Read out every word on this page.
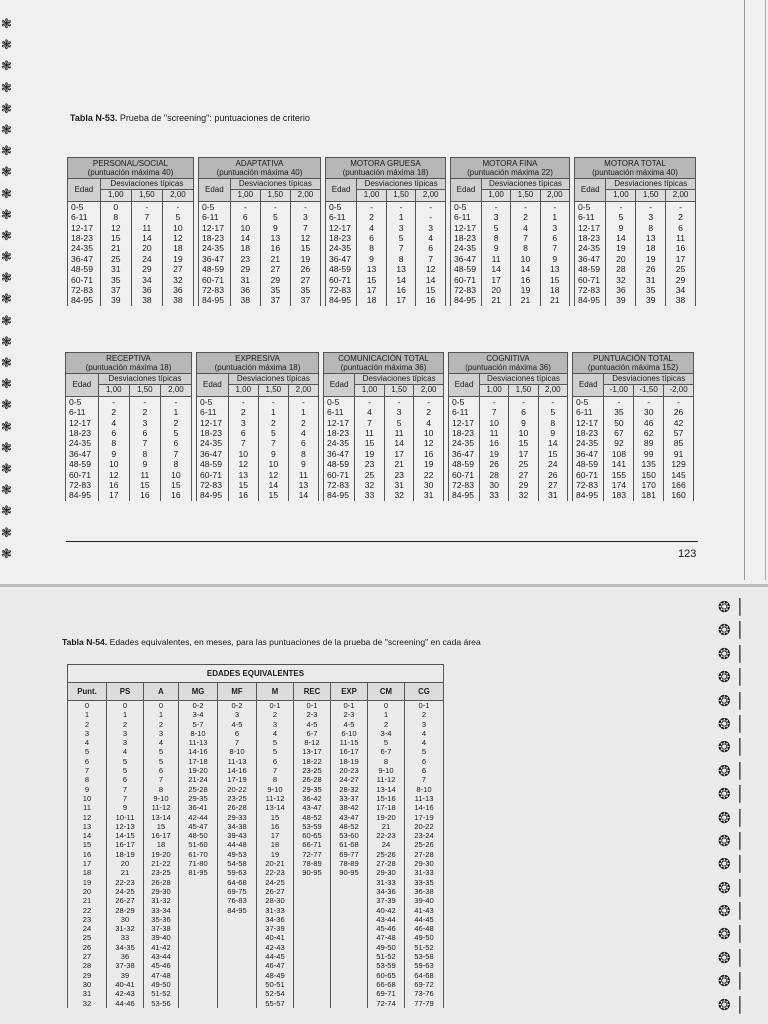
❃
❃
❃
❃
❃
❃
❃
❃
❃
❃
❃
❃
❃
❃
❃
❃
❃
❃
❃
❃
❃
❃
❃
❃
❃
❃
Tabla N-53. Prueba de "screening": puntuaciones de criterio
PERSONAL/SOCIAL
(puntuación máxima 40)			

Edad	Desviaciones típicas		
	1,00	1,50	2,00
0-5	0	-	-
6-11	8	7	5
12-17	12	11	10
18-23	15	14	12
24-35	21	20	18
36-47	25	24	19
48-59	31	29	27
60-71	35	34	32
72-83	37	36	36
84-95	39	38	38
ADAPTATIVA
(puntuación máxima 40)			

Edad	Desviaciones típicas		
	1,00	1,50	2,00
0-5	-	-	-
6-11	6	5	3
12-17	10	9	7
18-23	14	13	12
24-35	18	16	15
36-47	23	21	19
48-59	29	27	26
60-71	31	29	27
72-83	36	35	35
84-95	38	37	37
MOTORA GRUESA
(puntuación máxima 18)			

Edad	Desviaciones típicas		
	1,00	1,50	2,00
0-5	-	-	-
6-11	2	1	-
12-17	4	3	3
18-23	6	5	4
24-35	8	7	6
36-47	9	8	7
48-59	13	13	12
60-71	15	14	14
72-83	17	16	15
84-95	18	17	16
MOTORA FINA
(puntuación máxima 22)			

Edad	Desviaciones típicas		
	1,00	1,50	2,00
0-5	-	-	-
6-11	3	2	1
12-17	5	4	3
18-23	8	7	6
24-35	9	8	7
36-47	11	10	9
48-59	14	14	13
60-71	17	16	15
72-83	20	19	18
84-95	21	21	21
MOTORA TOTAL
(puntuación máxima 40)			

Edad	Desviaciones típicas		
	1,00	1,50	2,00
0-5	-	-	-
6-11	5	3	2
12-17	9	8	6
18-23	14	13	11
24-35	19	18	16
36-47	20	19	17
48-59	28	26	25
60-71	32	31	29
72-83	36	35	34
84-95	39	39	38
RECEPTIVA
(puntuación máxima 18)			

Edad	Desviaciones típicas		
	1,00	1,50	2,00
0-5	-	-	-
6-11	2	2	1
12-17	4	3	2
18-23	6	6	5
24-35	8	7	6
36-47	9	8	7
48-59	10	9	8
60-71	12	11	10
72-83	16	15	15
84-95	17	16	16
EXPRESIVA
(puntuación máxima 18)			

Edad	Desviaciones típicas		
	1,00	1,50	2,00
0-5	-	-	-
6-11	2	1	1
12-17	3	2	2
18-23	6	5	4
24-35	7	7	6
36-47	10	9	8
48-59	12	10	9
60-71	13	12	11
72-83	15	14	13
84-95	16	15	14
COMUNICACIÓN TOTAL
(puntuación máxima 36)			

Edad	Desviaciones típicas		
	1,00	1,50	2,00
0-5	-	-	-
6-11	4	3	2
12-17	7	5	4
18-23	11	11	10
24-35	15	14	12
36-47	19	17	16
48-59	23	21	19
60-71	25	23	22
72-83	32	31	30
84-95	33	32	31
COGNITIVA
(puntuación máxima 36)			

Edad	Desviaciones típicas		
	1,00	1,50	2,00
0-5	-	-	-
6-11	7	6	5
12-17	10	9	8
18-23	11	10	9
24-35	16	15	14
36-47	19	17	15
48-59	26	25	24
60-71	28	27	26
72-83	30	29	27
84-95	33	32	31
PUNTUACIÓN TOTAL
(puntuación máxima 152)			

Edad	Desviaciones típicas		
	-1,00	-1,50	-2,00
0-5	-	-	-
6-11	35	30	26
12-17	50	46	42
18-23	67	62	57
24-35	92	89	85
36-47	108	99	91
48-59	141	135	129
60-71	155	150	145
72-83	174	170	166
84-95	183	181	160
123
Tabla N-54. Edades equivalentes, en meses, para las puntuaciones de la prueba de "screening" en cada área
EDADES EQUIVALENTES									
Punt.	PS	A	MG	MF	M	REC	EXP	CM	CG
0	0	0	0-2	0-2	0-1	0-1	0-1	0	0-1
1	1	1	3-4	3	2	2-3	2-3	1	2
2	2	2	5-7	4-5	3	4-5	4-5	2	3
3	3	3	8-10	6	4	6-7	6-10	3-4	4
4	3	4	11-13	7	5	8-12	11-15	5	4
5	4	5	14-16	8-10	5	13-17	16-17	6-7	5
6	5	5	17-18	11-13	6	18-22	18-19	8	6
7	5	6	19-20	14-16	7	23-25	20-23	9-10	6
8	6	7	21-24	17-19	8	26-28	24-27	11-12	7
9	7	8	25-28	20-22	9-10	29-35	28-32	13-14	8-10
10	7	9-10	29-35	23-25	11-12	36-42	33-37	15-16	11-13
11	9	11-12	36-41	26-28	13-14	43-47	38-42	17-18	14-16
12	10-11	13-14	42-44	29-33	15	48-52	43-47	19-20	17-19
13	12-13	15	45-47	34-38	16	53-59	48-52	21	20-22
14	14-15	16-17	48-50	39-43	17	60-65	53-60	22-23	23-24
15	16-17	18	51-60	44-48	18	66-71	61-68	24	25-26
16	18-19	19-20	61-70	49-53	19	72-77	69-77	25-26	27-28
17	20	21-22	71-80	54-58	20-21	78-89	78-89	27-28	29-30
18	21	23-25	81-95	59-63	22-23	90-95	90-95	29-30	31-33
19	22-23	26-28		64-68	24-25			31-33	33-35
20	24-25	29-30		69-75	26-27			34-36	36-38
21	26-27	31-32		76-83	28-30			37-39	39-40
22	28-29	33-34		84-95	31-33			40-42	41-43
23	30	35-36			34-36			43-44	44-45
24	31-32	37-38			37-39			45-46	46-48
25	33	39-40			40-41			47-48	49-50
26	34-35	41-42			42-43			49-50	51-52
27	36	43-44			44-45			51-52	53-58
28	37-38	45-46			46-47			53-59	59-63
29	39	47-48			48-49			60-65	64-68
30	40-41	49-50			50-51			66-68	69-72
31	42-43	51-52			52-54			69-71	73-76
32	44-46	53-56			55-57			72-74	77-79
❂ │
❂ │
❂ │
❂ │
❂ │
❂ │
❂ │
❂ │
❂ │
❂ │
❂ │
❂ │
❂ │
❂ │
❂ │
❂ │
❂ │
❂ │
